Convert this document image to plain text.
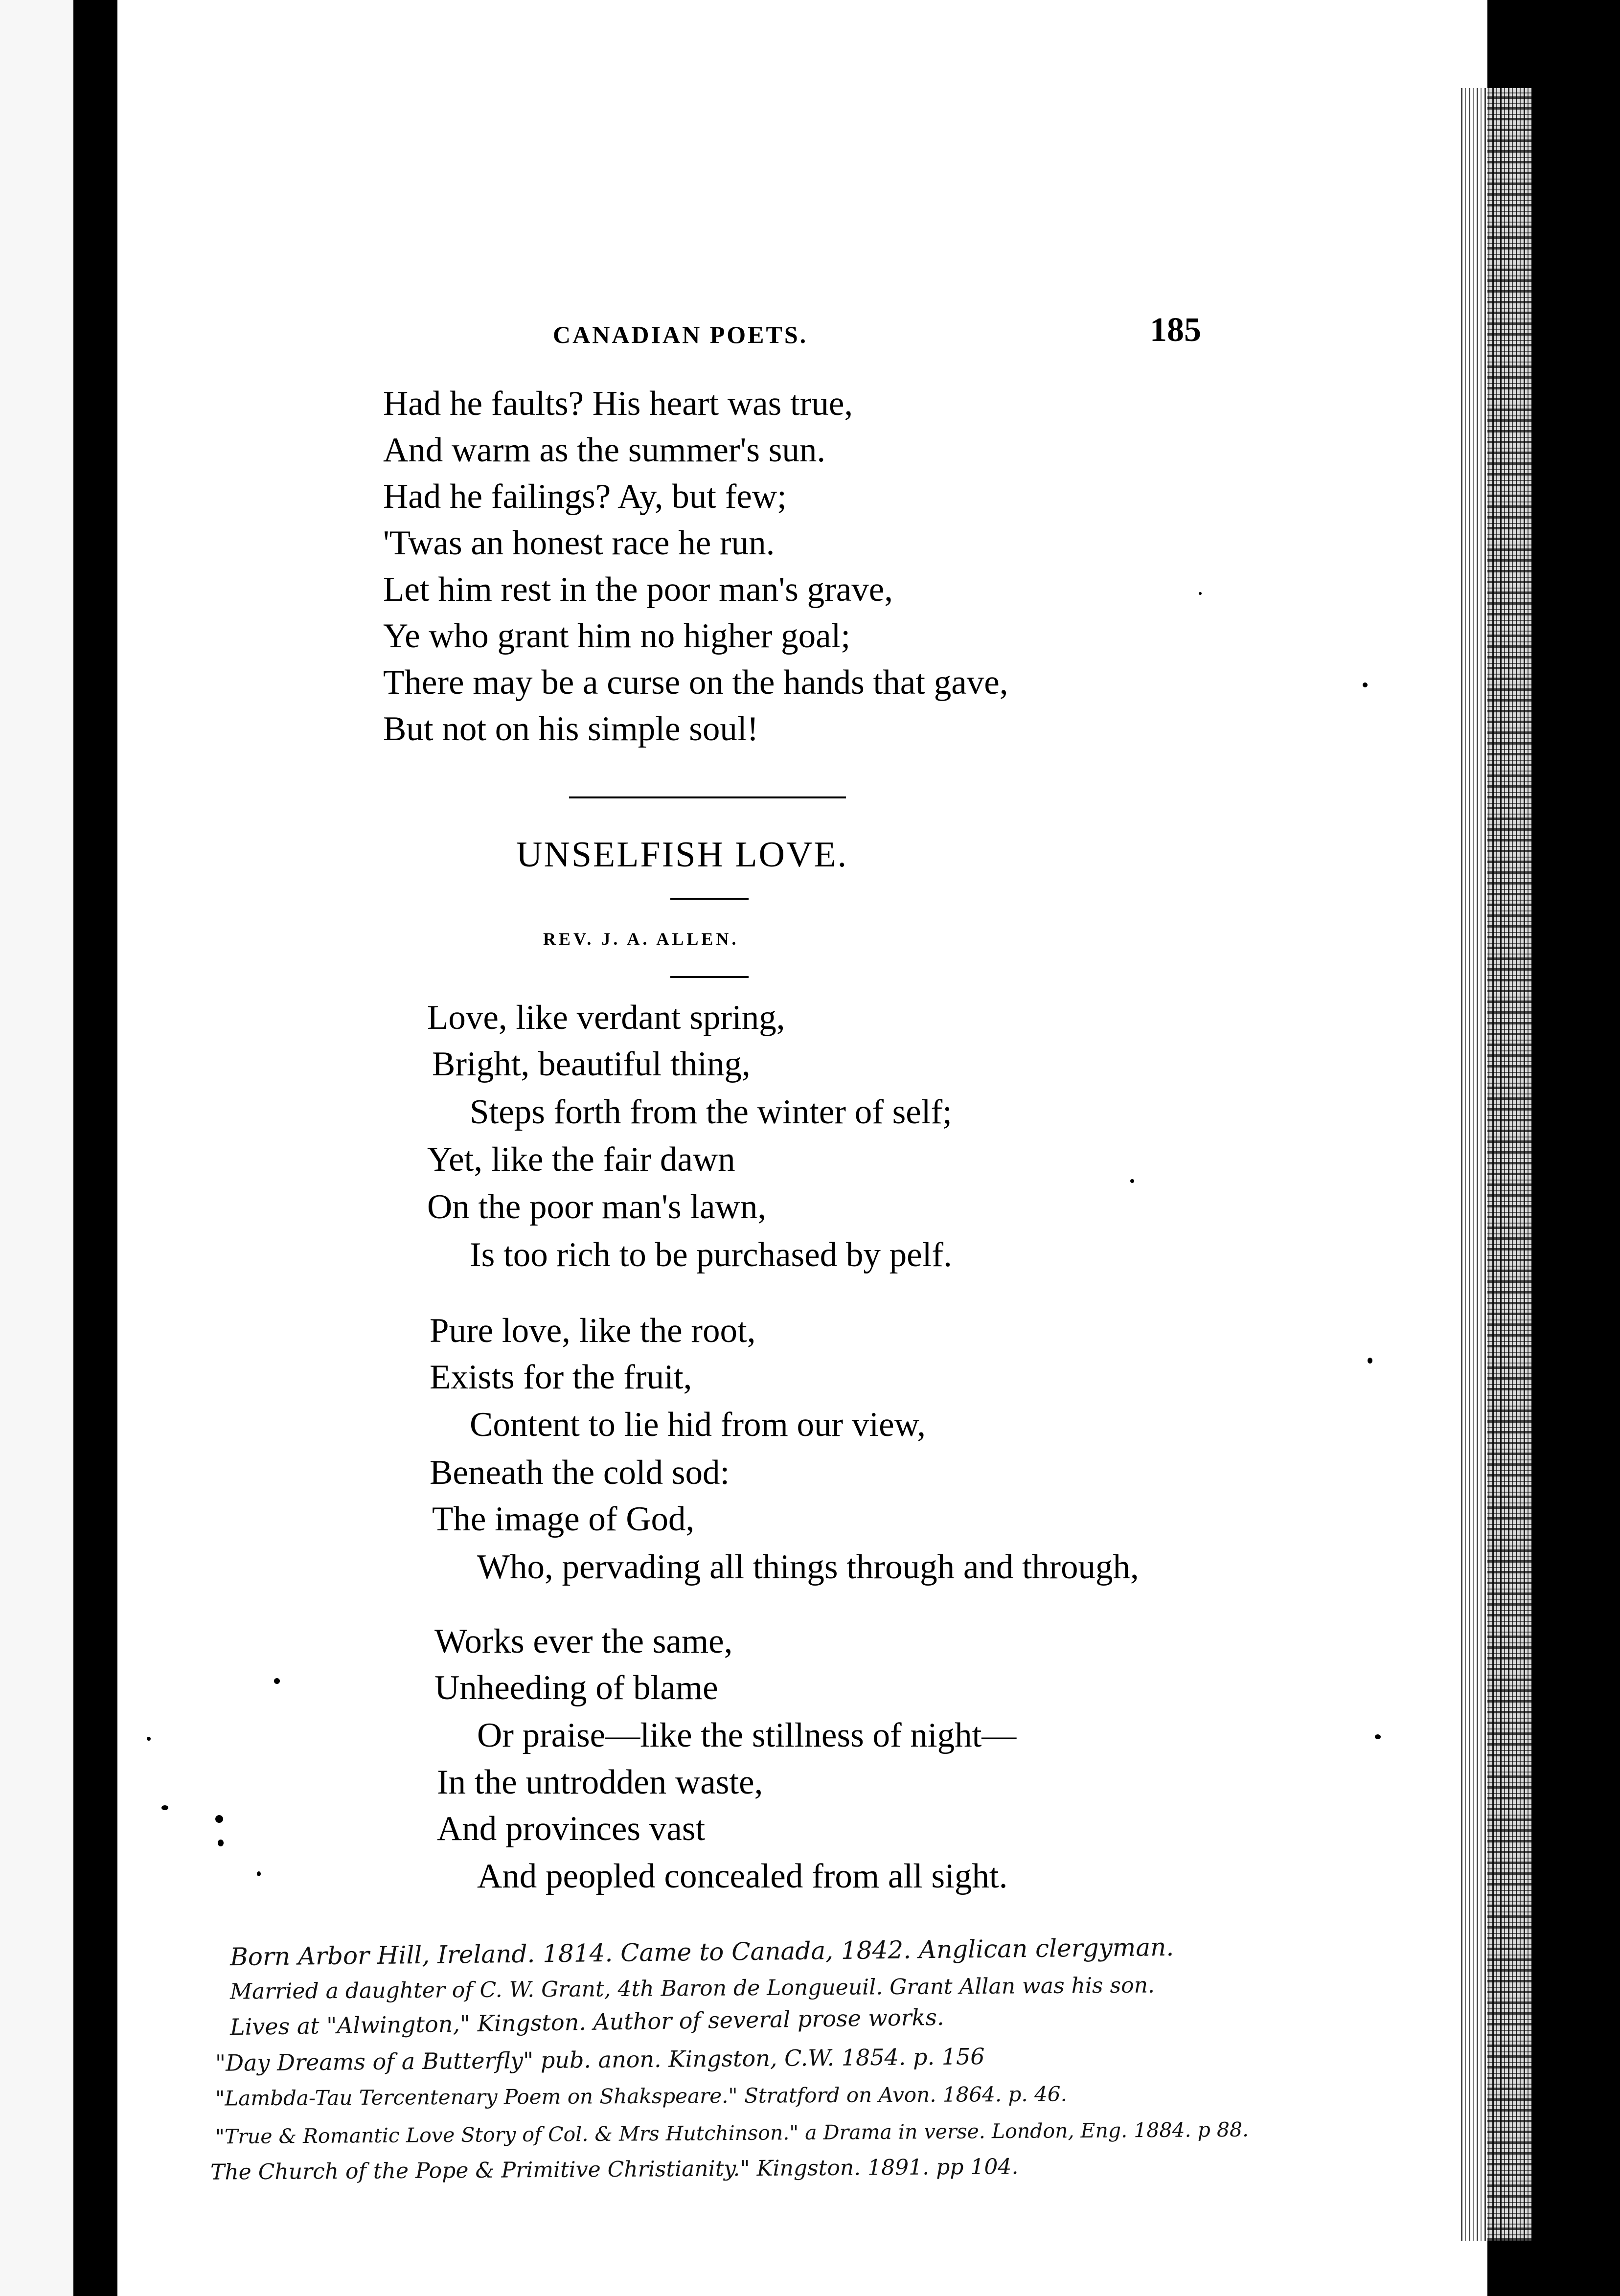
CANADIAN POETS.	185
Had he faults? His heart was true,
And warm as the summer's sun.
Had he failings? Ay, but few;
'Twas an honest race he run.
Let him rest in the poor man's grave,
Ye who grant him no higher goal;
There may be a curse on the hands that gave,
But not on his simple soul!
UNSELFISH LOVE.
REV. J. A. ALLEN.
Love, like verdant spring,
Bright, beautiful thing,
Steps forth from the winter of self;
Yet, like the fair dawn
On the poor man's lawn,
Is too rich to be purchased by pelf.
Pure love, like the root,
Exists for the fruit,
Content to lie hid from our view,
Beneath the cold sod:
The image of God,
Who, pervading all things through and through,
Works ever the same,
Unheeding of blame
Or praise—like the stillness of night—
In the untrodden waste,
And provinces vast
And peopled concealed from all sight.
Born Arbor Hill, Ireland. 1814. Came to Canada, 1842. Anglican clergyman.
Married a daughter of C. W. Grant, 4th Baron de Longueuil. Grant Allan was his son.
Lives at "Alwington," Kingston. Author of several prose works.
"Day Dreams of a Butterfly" pub. anon. Kingston, C.W. 1854. p. 156
"Lambda-Tau Tercentenary Poem on Shakspeare." Stratford on Avon. 1864. p. 46.
"True & Romantic Love Story of Col. & Mrs Hutchinson." a Drama in verse. London, Eng. 1884. p 88.
The Church of the Pope & Primitive Christianity." Kingston. 1891. pp 104.
